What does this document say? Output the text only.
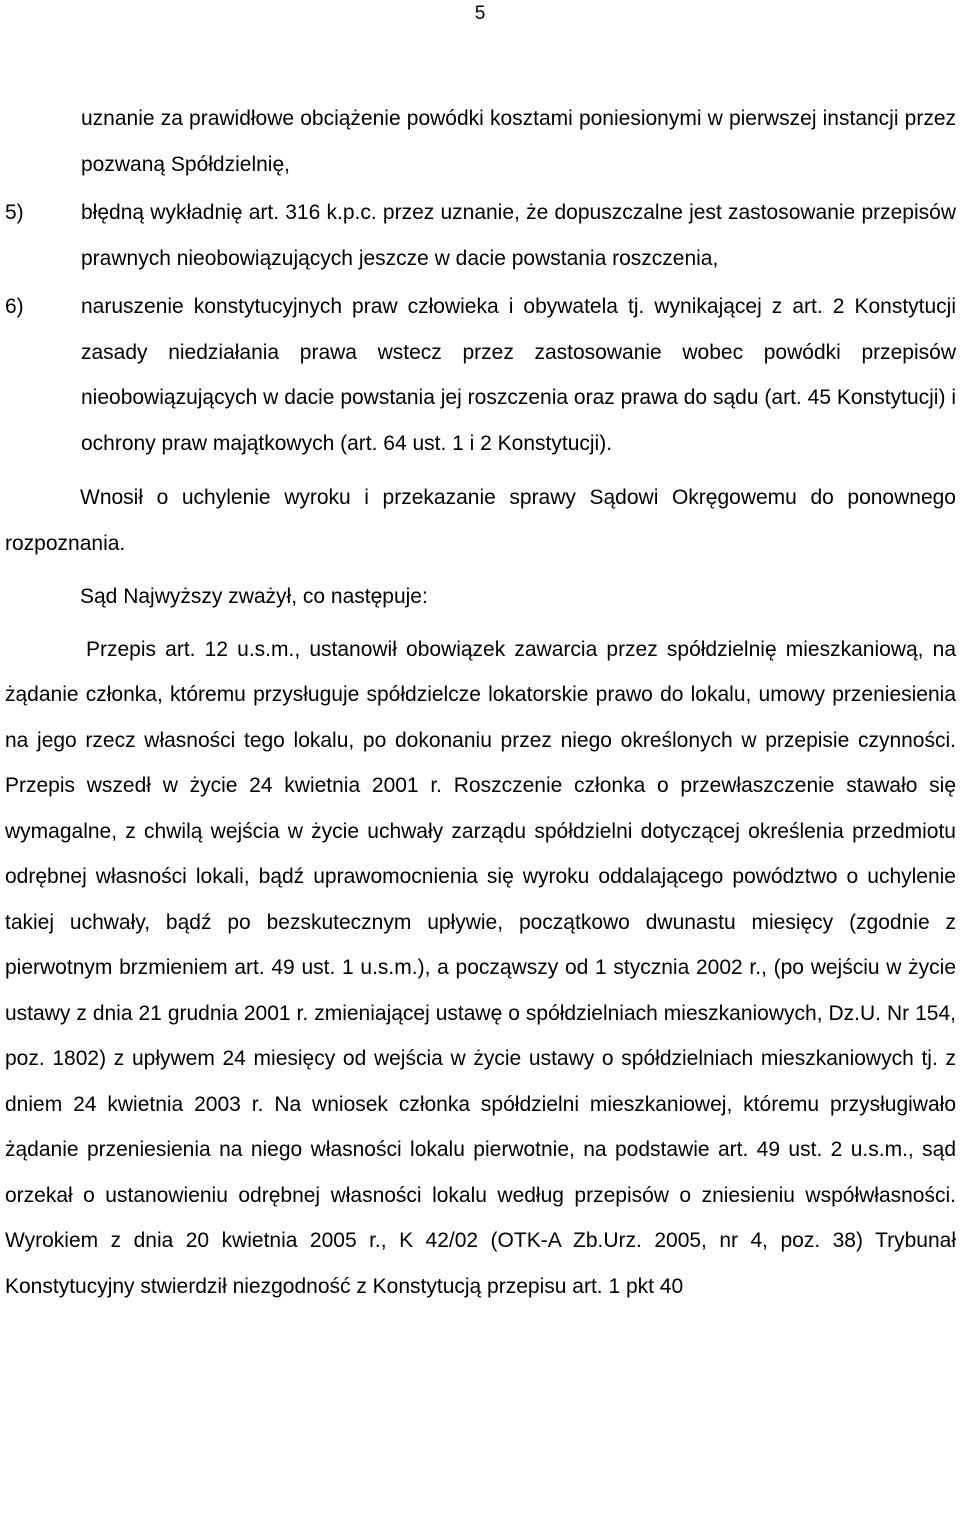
5

uznanie za prawidłowe obciążenie powódki kosztami poniesionymi w pierwszej instancji przez pozwaną Spółdzielnię,

5)	błędną wykładnię art. 316 k.p.c. przez uznanie, że dopuszczalne jest zastosowanie przepisów prawnych nieobowiązujących jeszcze w dacie powstania roszczenia,
6)	naruszenie konstytucyjnych praw człowieka i obywatela tj. wynikającej z art. 2 Konstytucji zasady niedziałania prawa wstecz przez zastosowanie wobec powódki przepisów nieobowiązujących w dacie powstania jej roszczenia oraz prawa do sądu (art. 45 Konstytucji) i ochrony praw majątkowych (art. 64 ust. 1 i 2 Konstytucji).

Wnosił o uchylenie wyroku i przekazanie sprawy Sądowi Okręgowemu do ponownego rozpoznania.

Sąd Najwyższy zważył, co następuje:

Przepis art. 12 u.s.m., ustanowił obowiązek zawarcia przez spółdzielnię mieszkaniową, na żądanie członka, któremu przysługuje spółdzielcze lokatorskie prawo do lokalu, umowy przeniesienia na jego rzecz własności tego lokalu, po dokonaniu przez niego określonych w przepisie czynności. Przepis wszedł w życie 24 kwietnia 2001 r. Roszczenie członka o przewłaszczenie stawało się wymagalne, z chwilą wejścia w życie uchwały zarządu spółdzielni dotyczącej określenia przedmiotu odrębnej własności lokali, bądź uprawomocnienia się wyroku oddalającego powództwo o uchylenie takiej uchwały, bądź po bezskutecznym upływie, początkowo dwunastu miesięcy (zgodnie z pierwotnym brzmieniem art. 49 ust. 1 u.s.m.), a począwszy od 1 stycznia 2002 r., (po wejściu w życie ustawy z dnia 21 grudnia 2001 r. zmieniającej ustawę o spółdzielniach mieszkaniowych, Dz.U. Nr 154, poz. 1802) z upływem 24 miesięcy od wejścia w życie ustawy o spółdzielniach mieszkaniowych tj. z dniem 24 kwietnia 2003 r. Na wniosek członka spółdzielni mieszkaniowej, któremu przysługiwało żądanie przeniesienia na niego własności lokalu pierwotnie, na podstawie art. 49 ust. 2 u.s.m., sąd orzekał o ustanowieniu odrębnej własności lokalu według przepisów o zniesieniu współwłasności. Wyrokiem z dnia 20 kwietnia 2005 r., K 42/02 (OTK-A Zb.Urz. 2005, nr 4, poz. 38) Trybunał Konstytucyjny stwierdził niezgodność z Konstytucją przepisu art. 1 pkt 40
